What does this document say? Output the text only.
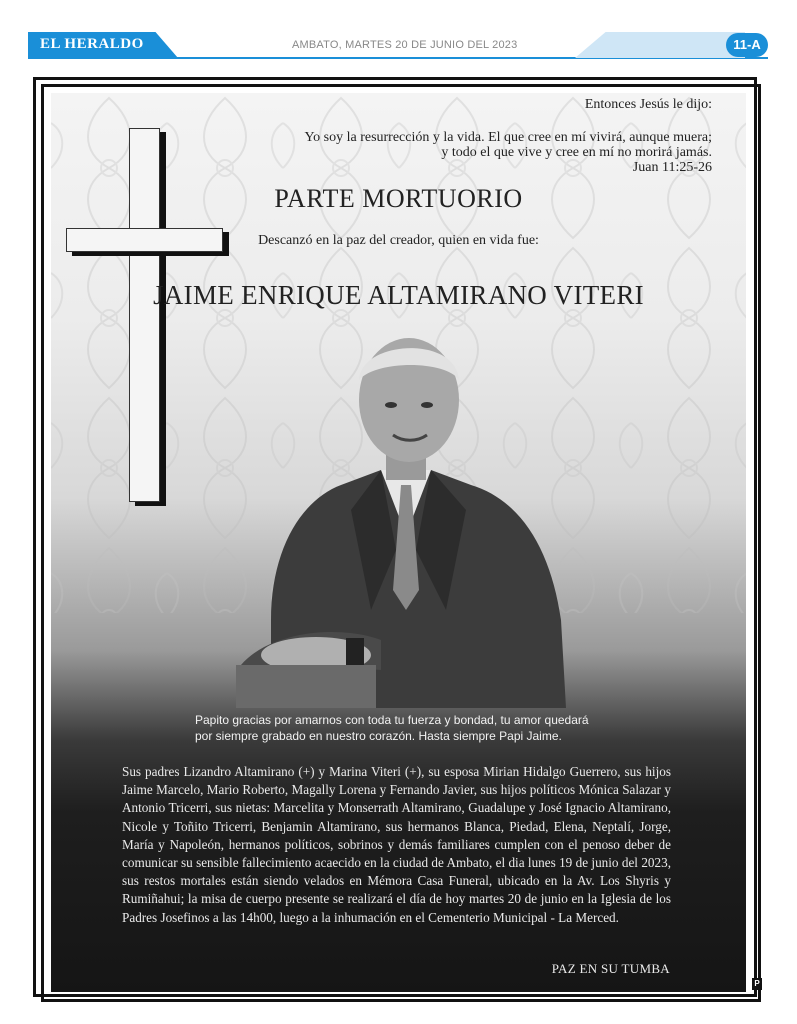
EL HERALDO	AMBATO, MARTES 20 DE JUNIO DEL 2023	11-A
Entonces Jesús le dijo:
Yo soy la resurrección y la vida. El que cree en mí vivirá, aunque muera;
y todo el que vive y cree en mí no morirá jamás.
Juan 11:25-26
PARTE MORTUORIO
Descanzó en la paz del creador, quien en vida fue:
JAIME ENRIQUE ALTAMIRANO VITERI
Papito gracias por amarnos con toda tu fuerza y bondad, tu amor quedará
por siempre grabado en nuestro corazón. Hasta siempre Papi Jaime.
Sus padres Lizandro Altamirano (+) y Marina Viteri (+), su esposa Mirian Hidalgo Guerrero, sus hijos Jaime Marcelo, Mario Roberto, Magally Lorena y Fernando Javier, sus hijos políticos Mónica Salazar y Antonio Tricerri, sus nietas: Marcelita y Monserrath Altamirano, Guadalupe y José Ignacio Altamirano, Nicole y Toñito Tricerri, Benjamin Altamirano, sus hermanos Blanca, Piedad, Elena, Neptalí, Jorge, María y Napoleón, hermanos políticos, sobrinos y demás familiares cumplen con el penoso deber de comunicar su sensible fallecimiento acaecido en la ciudad de Ambato, el dia lunes 19 de junio del 2023, sus restos mortales están siendo velados en Mémora Casa Funeral, ubicado en la Av. Los Shyris y Rumiñahui; la misa de cuerpo presente se realizará el día de hoy martes 20 de junio en la Iglesia de los Padres Josefinos a las 14h00, luego a la inhumación en el Cementerio Municipal - La Merced.
PAZ EN SU TUMBA
P
